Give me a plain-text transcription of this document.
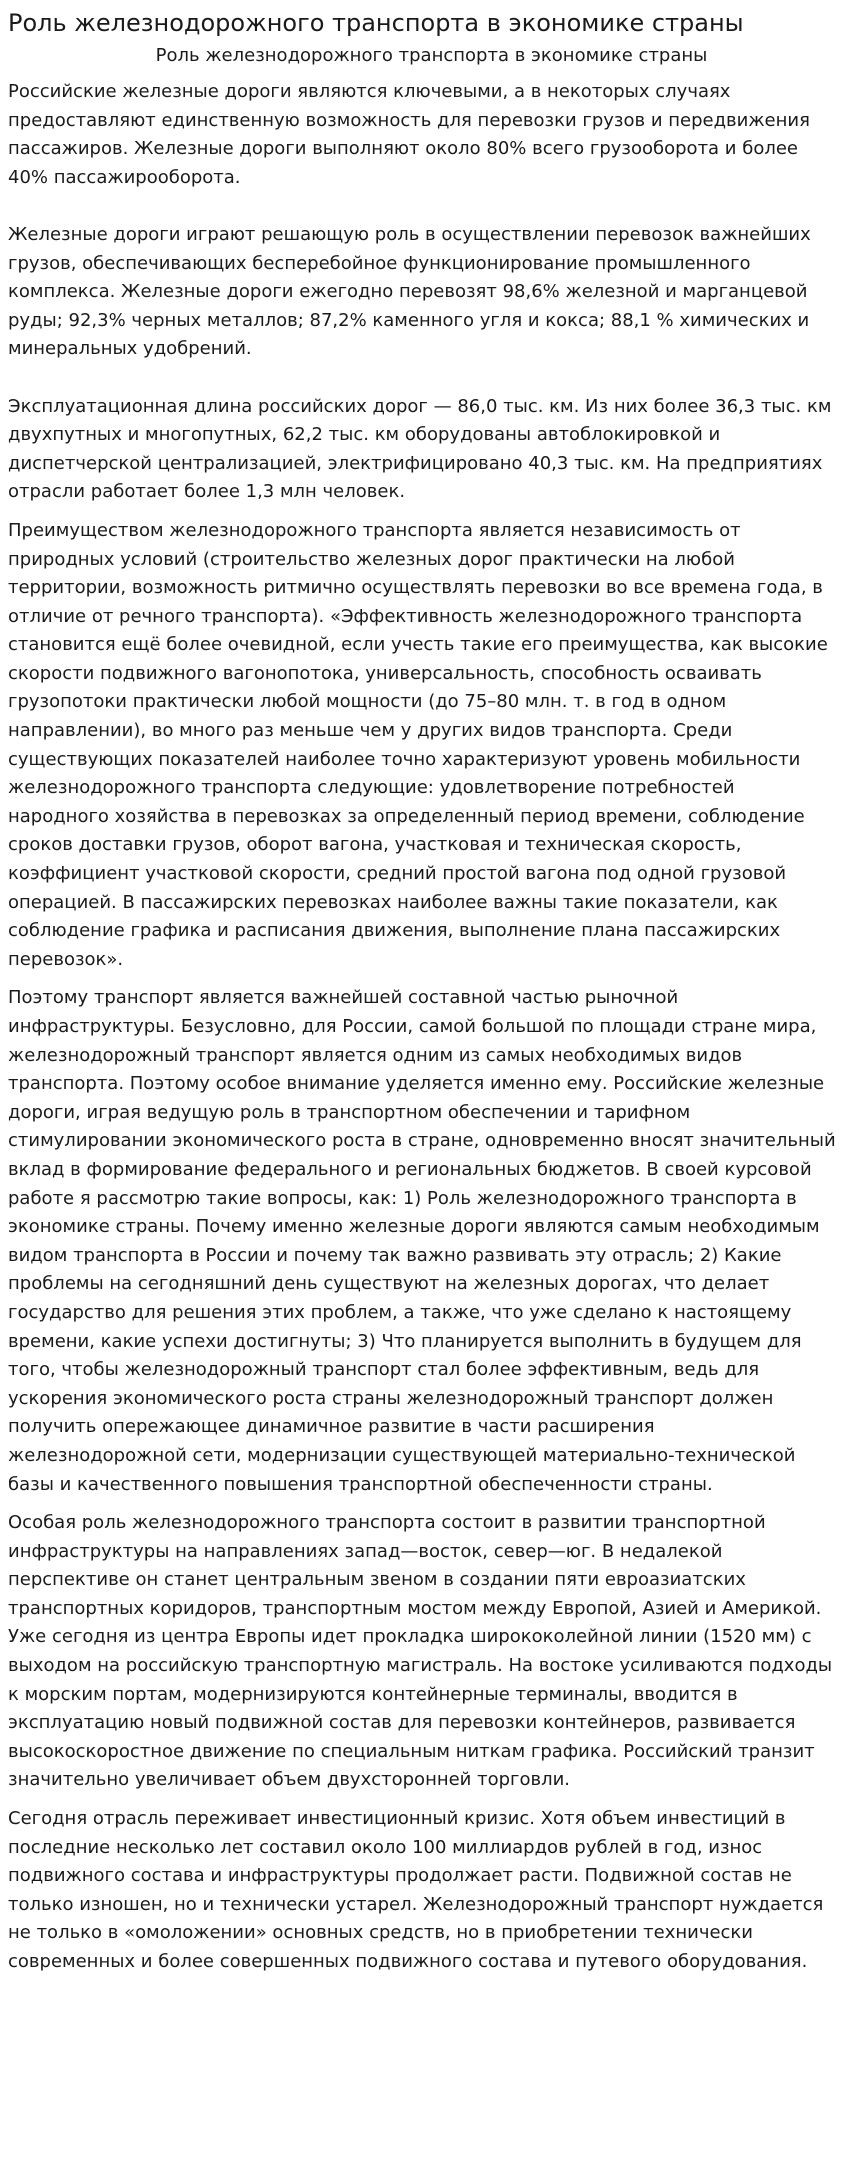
Роль железнодорожного транспорта в экономике страны
Роль железнодорожного транспорта в экономике страны
Российские железные дороги являются ключевыми, а в некоторых случаях предоставляют единственную возможность для перевозки грузов и передвижения пассажиров. Железные дороги выполняют около 80% всего грузооборота и более 40% пассажирооборота.
Железные дороги играют решающую роль в осуществлении перевозок важнейших грузов, обеспечивающих бесперебойное функционирование промышленного комплекса. Железные дороги ежегодно перевозят 98,6% железной и марганцевой руды; 92,3% черных металлов; 87,2% каменного угля и кокса; 88,1 % химических и минеральных удобрений.
Эксплуатационная длина российских дорог — 86,0 тыс. км. Из них более 36,3 тыс. км двухпутных и многопутных, 62,2 тыс. км оборудованы автоблокировкой и диспетчерской централизацией, электрифицировано 40,3 тыс. км. На предприятиях отрасли работает более 1,3 млн человек.

Преимуществом железнодорожного транспорта является независимость от природных условий (строительство железных дорог практически на любой территории, возможность ритмично осуществлять перевозки во все времена года, в отличие от речного транспорта). «Эффективность железнодорожного транспорта становится ещё более очевидной, если учесть такие его преимущества, как высокие скорости подвижного вагонопотока, универсальность, способность осваивать грузопотоки практически любой мощности (до 75–80 млн. т. в год в одном направлении), во много раз меньше чем у других видов транспорта. Среди существующих показателей наиболее точно характеризуют уровень мобильности железнодорожного транспорта следующие: удовлетворение потребностей народного хозяйства в перевозках за определенный период времени, соблюдение сроков доставки грузов, оборот вагона, участковая и техническая скорость, коэффициент участковой скорости, средний простой вагона под одной грузовой операцией. В пассажирских перевозках наиболее важны такие показатели, как соблюдение графика и расписания движения, выполнение плана пассажирских перевозок».

Поэтому транспорт является важнейшей составной частью рыночной инфраструктуры. Безусловно, для России, самой большой по площади стране мира, железнодорожный транспорт является одним из самых необходимых видов транспорта. Поэтому особое внимание уделяется именно ему. Российские железные дороги, играя ведущую роль в транспортном обеспечении и тарифном стимулировании экономического роста в стране, одновременно вносят значительный вклад в формирование федерального и региональных бюджетов. В своей курсовой работе я рассмотрю такие вопросы, как: 1) Роль железнодорожного транспорта в экономике страны. Почему именно железные дороги являются самым необходимым видом транспорта в России и почему так важно развивать эту отрасль; 2) Какие проблемы на сегодняшний день существуют на железных дорогах, что делает государство для решения этих проблем, а также, что уже сделано к настоящему времени, какие успехи достигнуты; 3) Что планируется выполнить в будущем для того, чтобы железнодорожный транспорт стал более эффективным, ведь для ускорения экономического роста страны железнодорожный транспорт должен получить опережающее динамичное развитие в части расширения железнодорожной сети, модернизации существующей материально-технической базы и качественного повышения транспортной обеспеченности страны.

Особая роль железнодорожного транспорта состоит в развитии транспортной инфраструктуры на направлениях запад—восток, север—юг. В недалекой перспективе он станет центральным звеном в создании пяти евроазиатских транспортных коридоров, транспортным мостом между Европой, Азией и Америкой. Уже сегодня из центра Европы идет прокладка ширококолейной линии (1520 мм) с выходом на российскую транспортную магистраль. На востоке усиливаются подходы к морским портам, модернизируются контейнерные терминалы, вводится в эксплуатацию новый подвижной состав для перевозки контейнеров, развивается высокоскоростное движение по специальным ниткам графика. Российский транзит значительно увеличивает объем двухсторонней торговли.

Сегодня отрасль переживает инвестиционный кризис. Хотя объем инвестиций в последние несколько лет составил около 100 миллиардов рублей в год, износ подвижного состава и инфраструктуры продолжает расти. Подвижной состав не только изношен, но и технически устарел. Железнодорожный транспорт нуждается не только в «омоложении» основных средств, но в приобретении технически современных и более совершенных подвижного состава и путевого оборудования.
